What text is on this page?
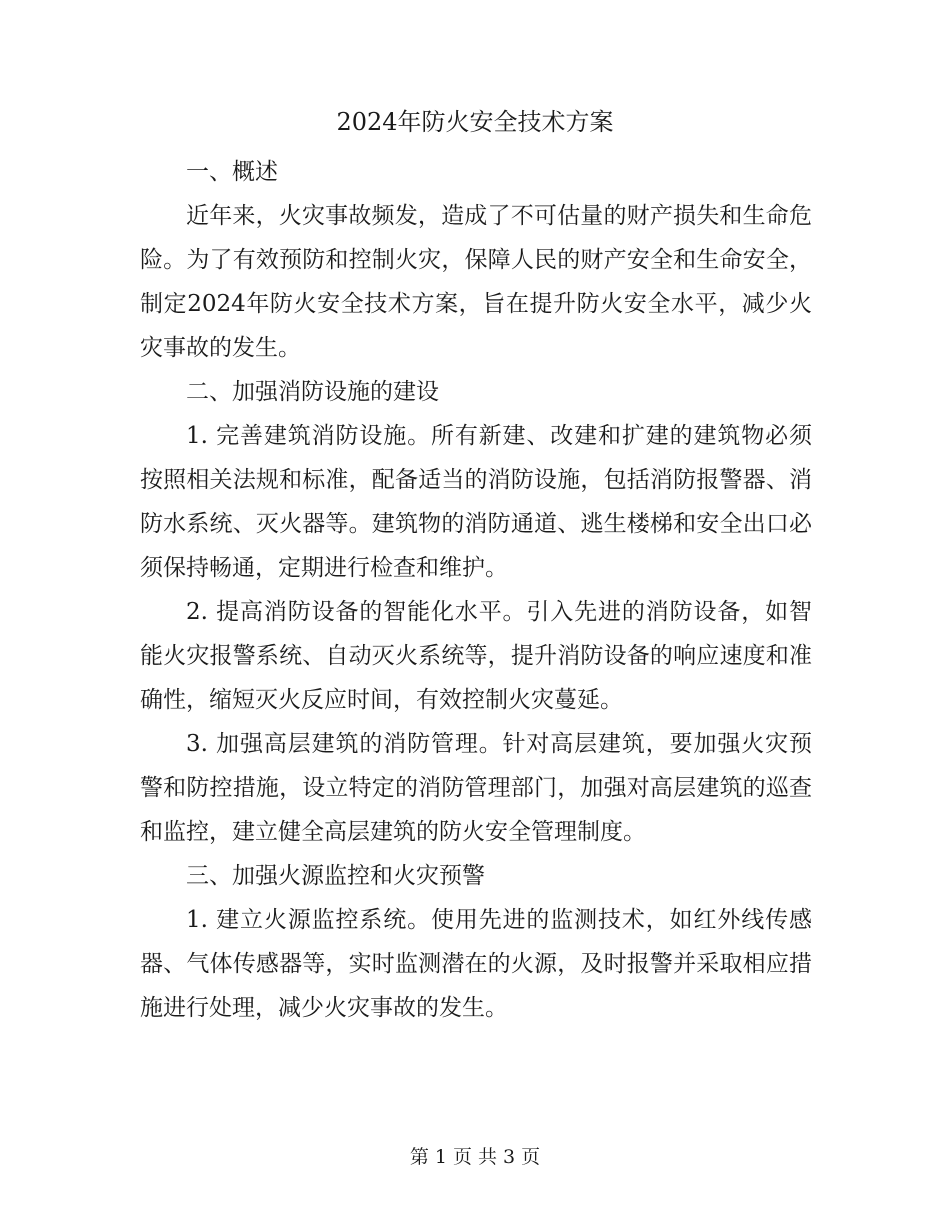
2024年防火安全技术方案

一、概述

近年来，火灾事故频发，造成了不可估量的财产损失和生命危险。为了有效预防和控制火灾，保障人民的财产安全和生命安全，制定2024年防火安全技术方案，旨在提升防火安全水平，减少火灾事故的发生。

二、加强消防设施的建设

1. 完善建筑消防设施。所有新建、改建和扩建的建筑物必须按照相关法规和标准，配备适当的消防设施，包括消防报警器、消防水系统、灭火器等。建筑物的消防通道、逃生楼梯和安全出口必须保持畅通，定期进行检查和维护。

2. 提高消防设备的智能化水平。引入先进的消防设备，如智能火灾报警系统、自动灭火系统等，提升消防设备的响应速度和准确性，缩短灭火反应时间，有效控制火灾蔓延。

3. 加强高层建筑的消防管理。针对高层建筑，要加强火灾预警和防控措施，设立特定的消防管理部门，加强对高层建筑的巡查和监控，建立健全高层建筑的防火安全管理制度。

三、加强火源监控和火灾预警

1. 建立火源监控系统。使用先进的监测技术，如红外线传感器、气体传感器等，实时监测潜在的火源，及时报警并采取相应措施进行处理，减少火灾事故的发生。

第 1 页 共 3 页
